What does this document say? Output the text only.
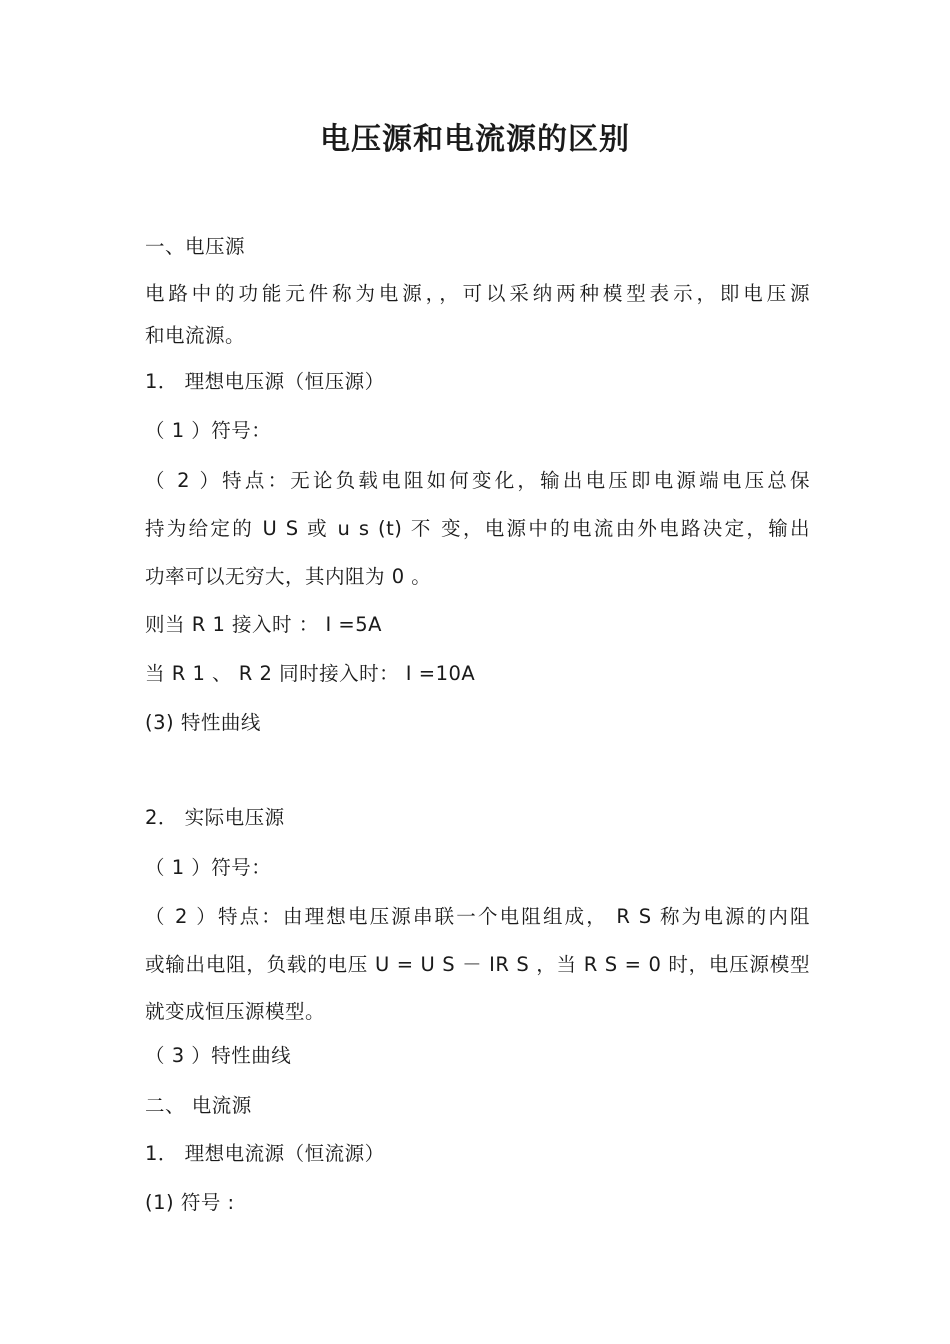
电压源和电流源的区别
一、电压源
电路中的功能元件称为电源，，可以采纳两种模型表示，即电压源
和电流源。
1． 理想电压源（恒压源）
（ 1 ）符号：
（ 2 ）特点：无论负载电阻如何变化，输出电压即电源端电压总保
持为给定的 U S 或 u s (t) 不 变，电源中的电流由外电路决定，输出
功率可以无穷大，其内阻为 0 。
则当 R 1 接入时 ： I =5A
当 R 1 、 R 2 同时接入时： I =10A
(3) 特性曲线
2． 实际电压源
（ 1 ）符号：
（ 2 ）特点：由理想电压源串联一个电阻组成， R S 称为电源的内阻
或输出电阻，负载的电压 U = U S － IR S ，当 R S = 0 时，电压源模型
就变成恒压源模型。
（ 3 ）特性曲线
二、 电流源
1． 理想电流源（恒流源）
(1) 符号 :
